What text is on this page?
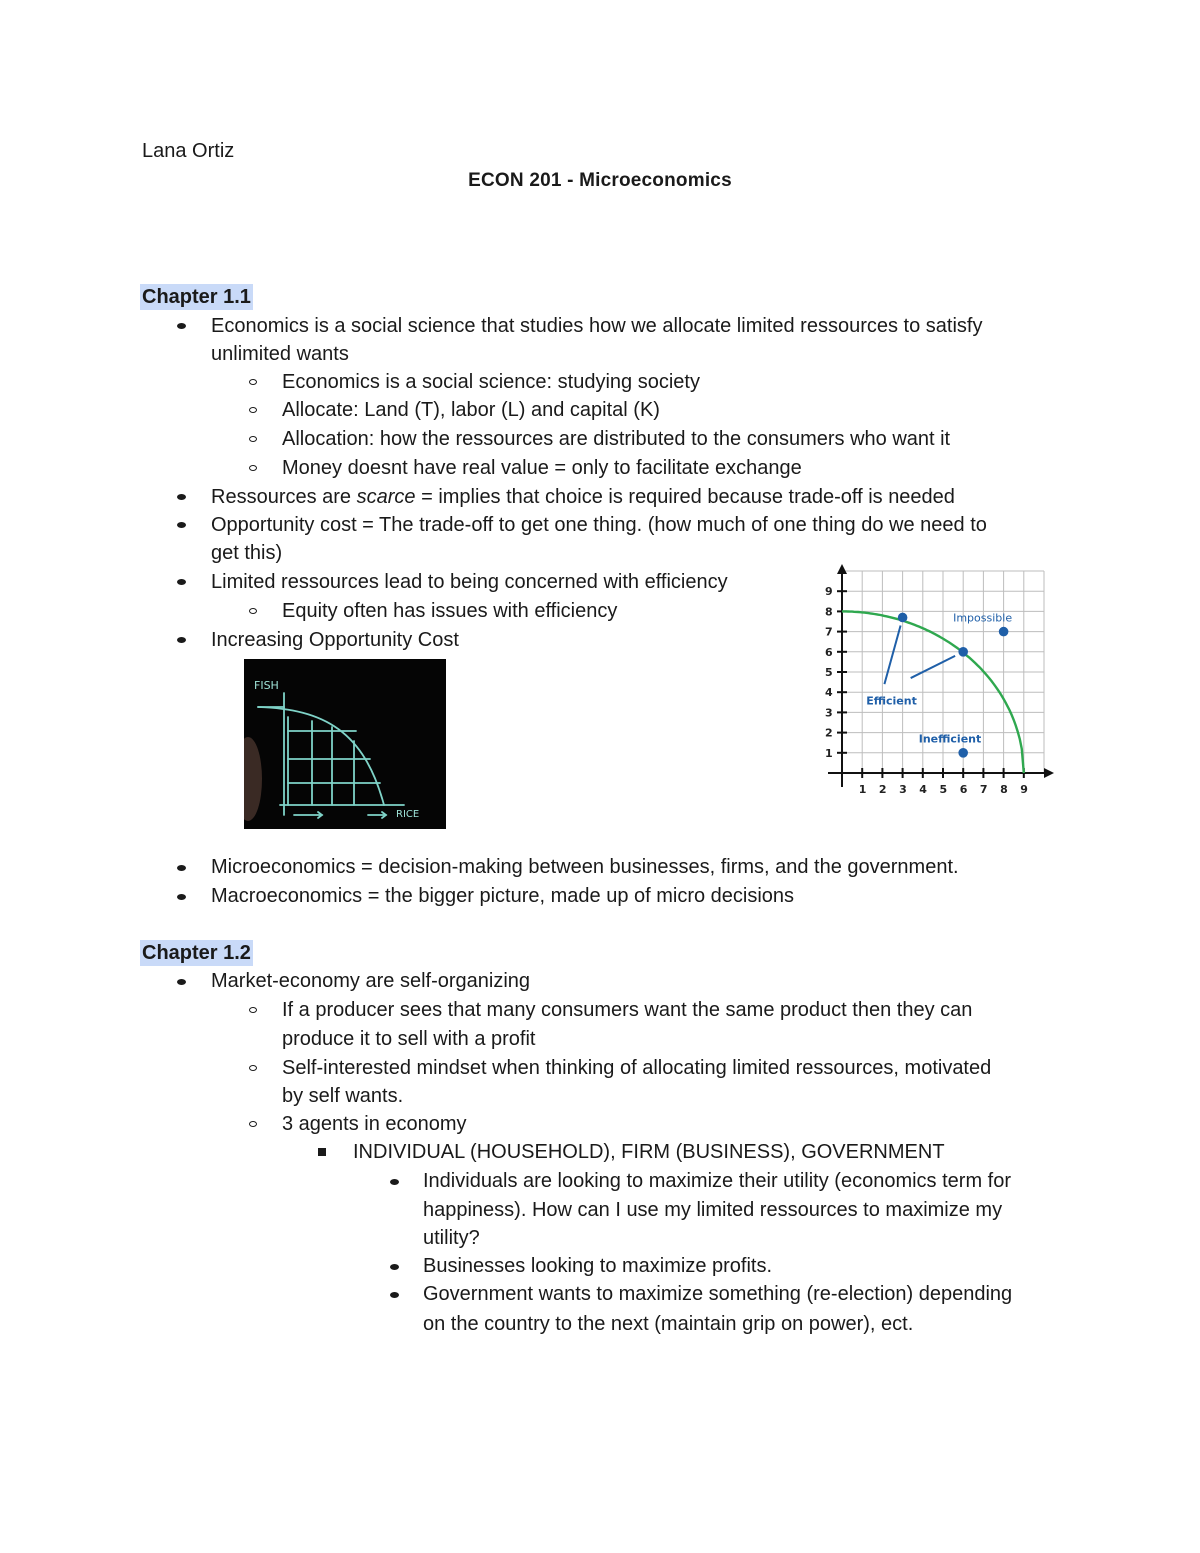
Lana Ortiz
ECON 201 - Microeconomics
Chapter 1.1
Economics is a social science that studies how we allocate limited ressources to satisfy
unlimited wants
Economics is a social science: studying society
Allocate: Land (T), labor (L) and capital (K)
Allocation: how the ressources are distributed to the consumers who want it
Money doesnt have real value = only to facilitate exchange
Ressources are scarce = implies that choice is required because trade-off is needed
Opportunity cost = The trade-off to get one thing. (how much of one thing do we need to
get this)
Limited ressources lead to being concerned with efficiency
Equity often has issues with efficiency
Increasing Opportunity Cost
FISH
RICE
1
2
3
4
5
6
7
8
9
1 2 3 4 5 6 7 8 9
Impossible
Efficient
Inefficient
Microeconomics = decision-making between businesses, firms, and the government.
Macroeconomics = the bigger picture, made up of micro decisions
Chapter 1.2
Market-economy are self-organizing
If a producer sees that many consumers want the same product then they can
produce it to sell with a profit
Self-interested mindset when thinking of allocating limited ressources, motivated
by self wants.
3 agents in economy
INDIVIDUAL (HOUSEHOLD), FIRM (BUSINESS), GOVERNMENT
Individuals are looking to maximize their utility (economics term for
happiness). How can I use my limited ressources to maximize my
utility?
Businesses looking to maximize profits.
Government wants to maximize something (re-election) depending
on the country to the next (maintain grip on power), ect.
